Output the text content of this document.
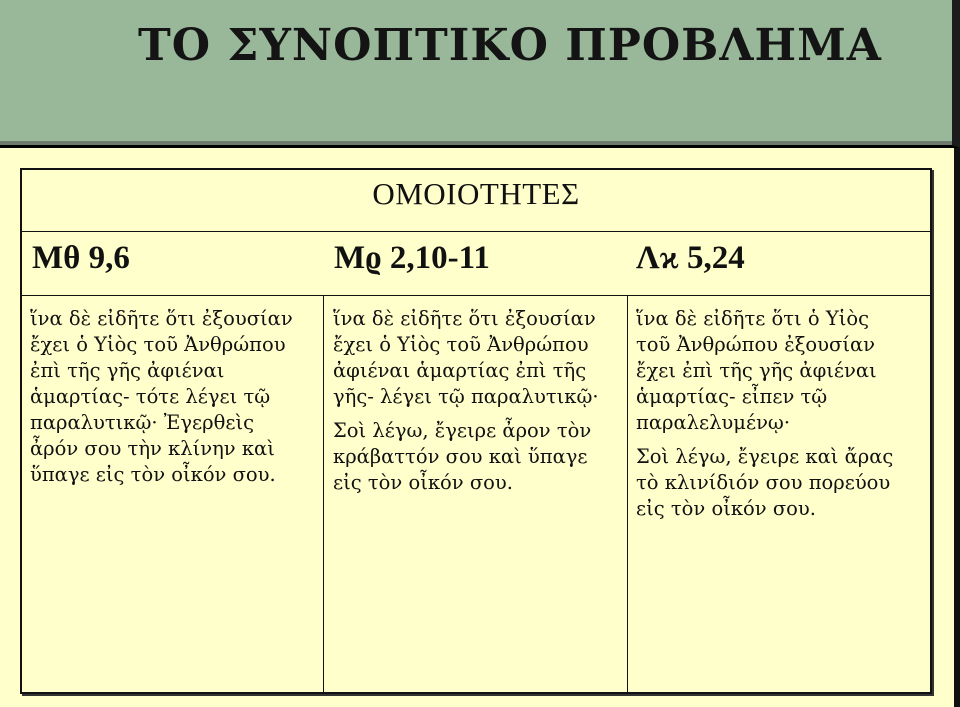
ΤΟ ΣΥΝΟΠΤΙΚΟ ΠΡΟΒΛΗΜΑ
ΟΜΟΙΟΤΗΤΕΣ
Μθ 9,6	Μϱ 2,10-11	Λϰ 5,24
ἵνα δὲ εἰδῆτε ὅτι ἐξουσίαν
ἔχει ὁ Υἱὸς τοῦ Ἀνθρώπου
ἐπὶ τῆς γῆς ἀφιέναι
ἁμαρτίας- τότε λέγει τῷ
παραλυτικῷ· Ἐγερθεὶς
ἆρόν σου τὴν κλίνην καὶ
ὕπαγε εἰς τὸν οἶκόν σου.
ἵνα δὲ εἰδῆτε ὅτι ἐξουσίαν
ἔχει ὁ Υἱὸς τοῦ Ἀνθρώπου
ἀφιέναι ἁμαρτίας ἐπὶ τῆς
γῆς- λέγει τῷ παραλυτικῷ·
Σοὶ λέγω, ἔγειρε ἆρον τὸν
κράβαττόν σου καὶ ὕπαγε
εἰς τὸν οἶκόν σου.
ἵνα δὲ εἰδῆτε ὅτι ὁ Υἱὸς
τοῦ Ἀνθρώπου ἐξουσίαν
ἔχει ἐπὶ τῆς γῆς ἀφιέναι
ἁμαρτίας- εἶπεν τῷ
παραλελυμένῳ·
Σοὶ λέγω, ἔγειρε καὶ ἄρας
τὸ κλινίδιόν σου πορεύου
εἰς τὸν οἶκόν σου.
